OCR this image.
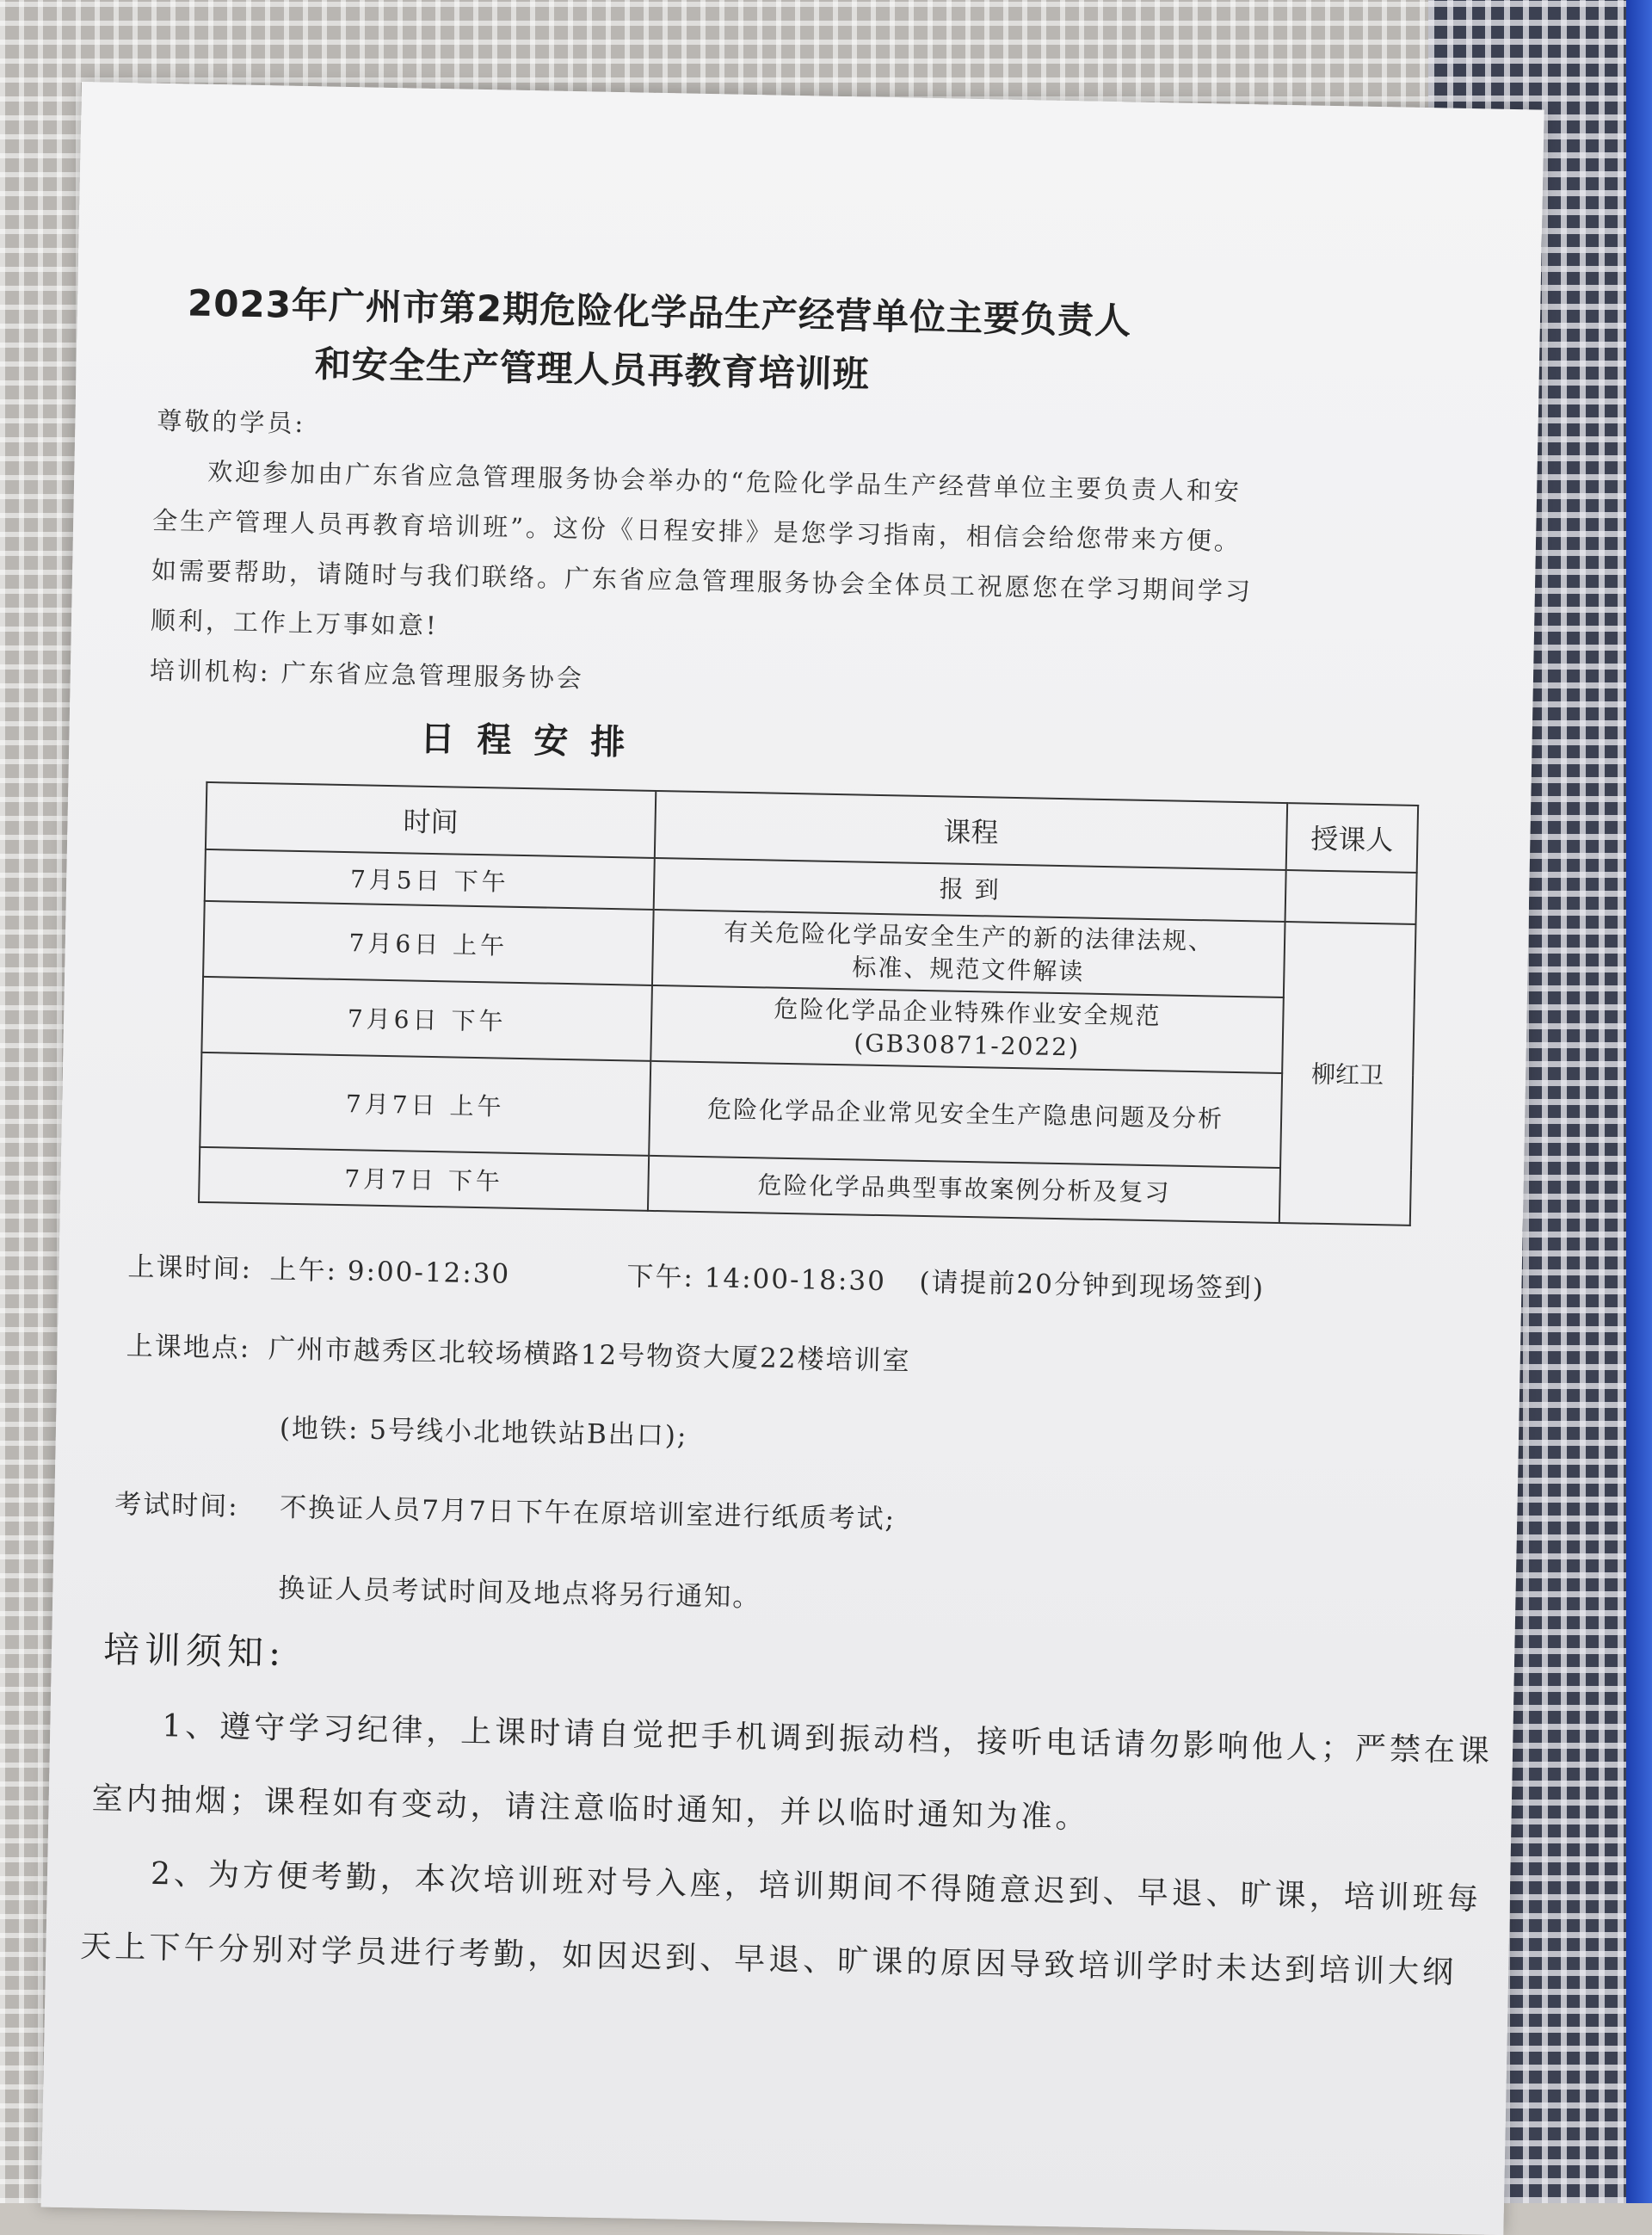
2023年广州市第2期危险化学品生产经营单位主要负责人
和安全生产管理人员再教育培训班
尊敬的学员:
欢迎参加由广东省应急管理服务协会举办的“危险化学品生产经营单位主要负责人和安
全生产管理人员再教育培训班”。这份《日程安排》是您学习指南，相信会给您带来方便。
如需要帮助，请随时与我们联络。广东省应急管理服务协会全体员工祝愿您在学习期间学习
顺利，工作上万事如意!
培训机构: 广东省应急管理服务协会
日程安排
时间	课程	授课人
7月5日 下午	报 到	

7月6日 上午	有关危险化学品安全生产的新的法律法规、
标准、规范文件解读	柳红卫
7月6日 下午	危险化学品企业特殊作业安全规范
(GB30871-2022)	

7月7日 上午	危险化学品企业常见安全生产隐患问题及分析	

7月7日 下午	危险化学品典型事故案例分析及复习	
上课时间: 上午: 9:00-12:30	下午: 14:00-18:30 (请提前20分钟到现场签到)
上课地点: 广州市越秀区北较场横路12号物资大厦22楼培训室
(地铁: 5号线小北地铁站B出口);
考试时间: 不换证人员7月7日下午在原培训室进行纸质考试;
换证人员考试时间及地点将另行通知。
培训须知:
1、遵守学习纪律，上课时请自觉把手机调到振动档，接听电话请勿影响他人；严禁在课
室内抽烟；课程如有变动，请注意临时通知，并以临时通知为准。
2、为方便考勤，本次培训班对号入座，培训期间不得随意迟到、早退、旷课，培训班每
天上下午分别对学员进行考勤，如因迟到、早退、旷课的原因导致培训学时未达到培训大纲
